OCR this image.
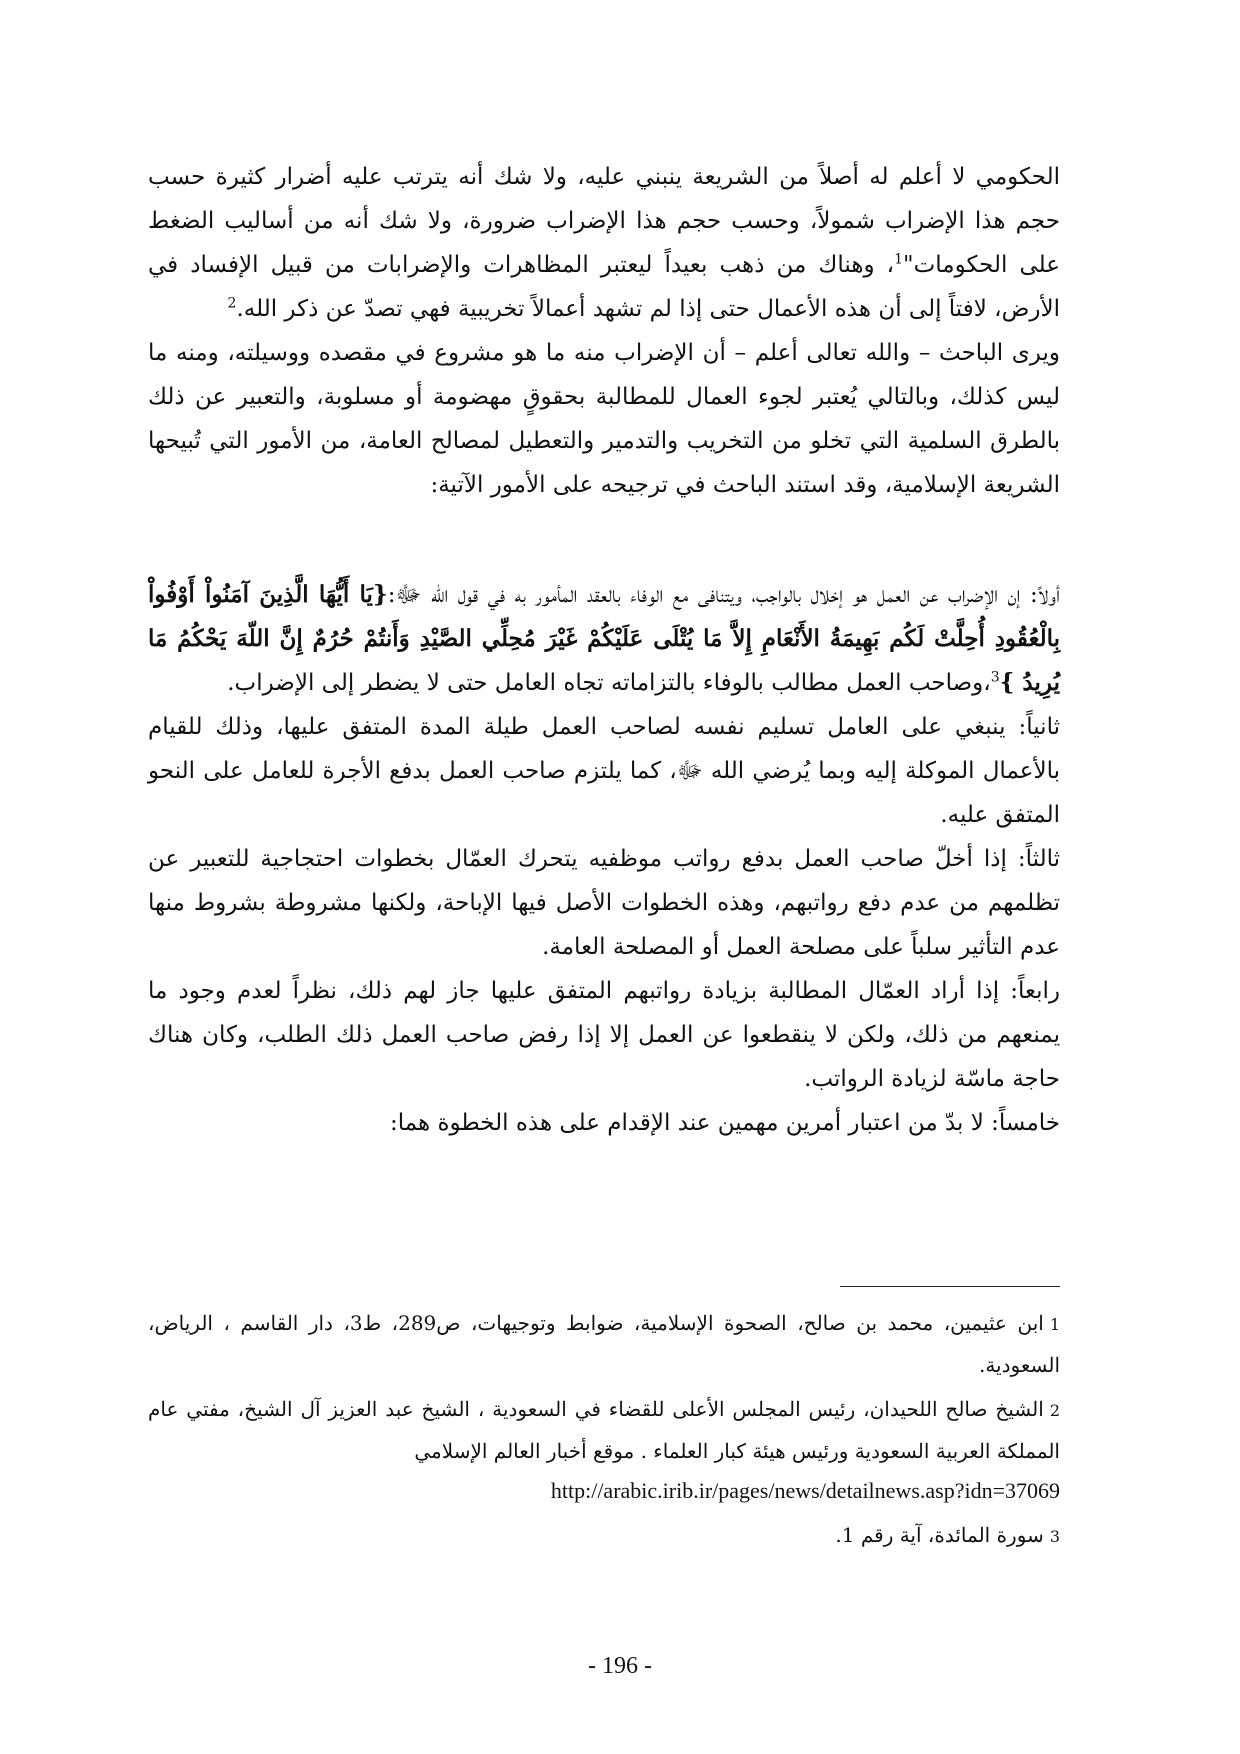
الحكومي لا أعلم له أصلاً من الشريعة ينبني عليه، ولا شك أنه يترتب عليه أضرار كثيرة حسب حجم هذا الإضراب شمولاً، وحسب حجم هذا الإضراب ضرورة، ولا شك أنه من أساليب الضغط على الحكومات"$^1$، وهناك من ذهب بعيداً ليعتبر المظاهرات والإضرابات من قبيل الإفساد في الأرض، لافتاً إلى أن هذه الأعمال حتى إذا لم تشهد أعمالاً تخريبية فهي تصدّ عن ذكر الله.$^2$

ويرى الباحث – والله تعالى أعلم – أن الإضراب منه ما هو مشروع في مقصده ووسيلته، ومنه ما ليس كذلك، وبالتالي يُعتبر لجوء العمال للمطالبة بحقوقٍ مهضومة أو مسلوبة، والتعبير عن ذلك بالطرق السلمية التي تخلو من التخريب والتدمير والتعطيل لمصالح العامة، من الأمور التي تُبيحها الشريعة الإسلامية، وقد استند الباحث في ترجيحه على الأمور الآتية:

أولاً: إن الإضراب عن العمل هو إخلال بالواجب، ويتنافى مع الوفاء بالعقد المأمور به في قول الله ﷻ:{يَا أَيُّهَا الَّذِينَ آمَنُواْ أَوْفُواْ بِالْعُقُودِ أُحِلَّتْ لَكُم بَهِيمَةُ الأَنْعَامِ إِلاَّ مَا يُتْلَى عَلَيْكُمْ غَيْرَ مُحِلِّي الصَّيْدِ وَأَنتُمْ حُرُمٌ إِنَّ اللّهَ يَحْكُمُ مَا يُرِيدُ }$^3$،وصاحب العمل مطالب بالوفاء بالتزاماته تجاه العامل حتى لا يضطر إلى الإضراب.

ثانياً: ينبغي على العامل تسليم نفسه لصاحب العمل طيلة المدة المتفق عليها، وذلك للقيام بالأعمال الموكلة إليه وبما يُرضي الله ﷻ، كما يلتزم صاحب العمل بدفع الأجرة للعامل على النحو المتفق عليه.

ثالثاً: إذا أخلّ صاحب العمل بدفع رواتب موظفيه يتحرك العمّال بخطوات احتجاجية للتعبير عن تظلمهم من عدم دفع رواتبهم، وهذه الخطوات الأصل فيها الإباحة، ولكنها مشروطة بشروط منها عدم التأثير سلباً على مصلحة العمل أو المصلحة العامة.

رابعاً: إذا أراد العمّال المطالبة بزيادة رواتبهم المتفق عليها جاز لهم ذلك، نظراً لعدم وجود ما يمنعهم من ذلك، ولكن لا ينقطعوا عن العمل إلا إذا رفض صاحب العمل ذلك الطلب، وكان هناك حاجة ماسّة لزيادة الرواتب.

خامساً: لا بدّ من اعتبار أمرين مهمين عند الإقدام على هذه الخطوة هما:

1ابن عثيمين، محمد بن صالح، الصحوة الإسلامية، ضوابط وتوجيهات، ص289، ط3، دار القاسم ، الرياض، السعودية.

2الشيخ صالح اللحيدان، رئيس المجلس الأعلى للقضاء في السعودية ، الشيخ عبد العزيز آل الشيخ، مفتي عام المملكة العربية السعودية ورئيس هيئة كبار العلماء . موقع أخبار العالم الإسلامي
http://arabic.irib.ir/pages/news/detailnews.asp?idn=37069

3سورة المائدة، آية رقم 1.

- 196 -
